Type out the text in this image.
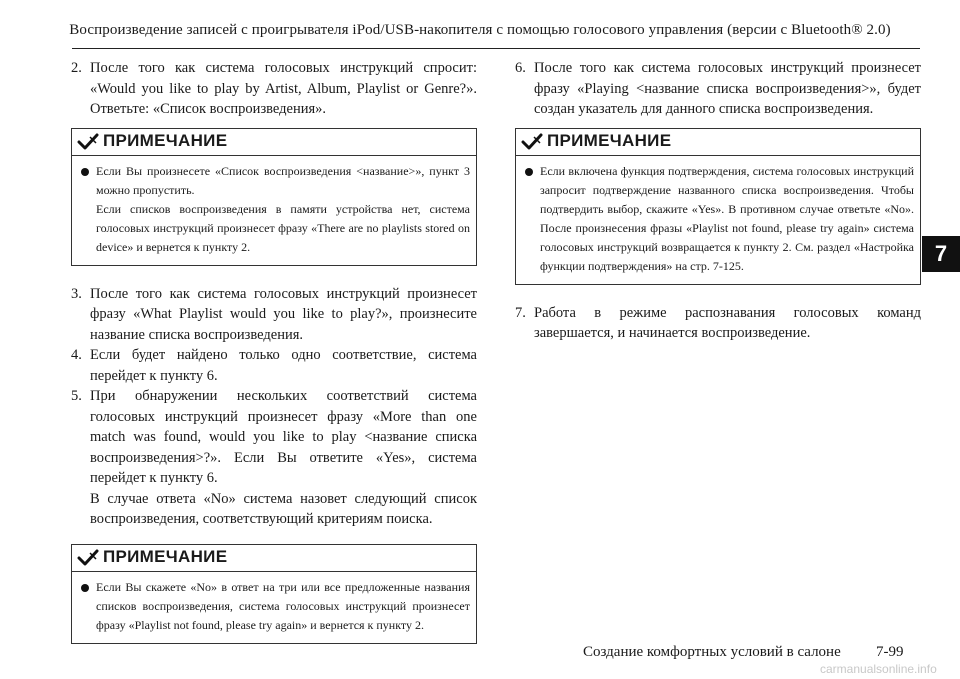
Воспроизведение записей с проигрывателя iPod/USB-накопителя с помощью голосового управления (версии с Bluetooth® 2.0)
2. После того как система голосовых инструкций спросит: «Would you like to play by Artist, Album, Playlist or Genre?». Ответьте: «Список воспроизведения».

ПРИМЕЧАНИЕ

Если Вы произнесете «Список воспроизведения <название>», пункт 3 можно пропустить.

Если списков воспроизведения в памяти устройства нет, система голосовых инструкций произнесет фразу «There are no playlists stored on device» и вернется к пункту 2.

3. После того как система голосовых инструкций произнесет фразу «What Playlist would you like to play?», произнесите название списка воспроизведения.

4. Если будет найдено только одно соответствие, система перейдет к пункту 6.

5. При обнаружении нескольких соответствий система голосовых инструкций произнесет фразу «More than one match was found, would you like to play <название списка воспроизведения>?». Если Вы ответите «Yes», система перейдет к пункту 6.

В случае ответа «No» система назовет следующий список воспроизведения, соответствующий критериям поиска.

ПРИМЕЧАНИЕ

Если Вы скажете «No» в ответ на три или все предложенные названия списков воспроизведения, система голосовых инструкций произнесет фразу «Playlist not found, please try again» и вернется к пункту 2.

6. После того как система голосовых инструкций произнесет фразу «Playing <название списка воспроизведения>», будет создан указатель для данного списка воспроизведения.

ПРИМЕЧАНИЕ

Если включена функция подтверждения, система голосовых инструкций запросит подтверждение названного списка воспроизведения. Чтобы подтвердить выбор, скажите «Yes». В противном случае ответьте «No». После произнесения фразы «Playlist not found, please try again» система голосовых инструкций возвращается к пункту 2. См. раздел «Настройка функции подтверждения» на стр. 7-125.

7. Работа в режиме распознавания голосовых команд завершается, и начинается воспроизведение.

7
Создание комфортных условий в салоне 7-99
carmanualsonline.info
